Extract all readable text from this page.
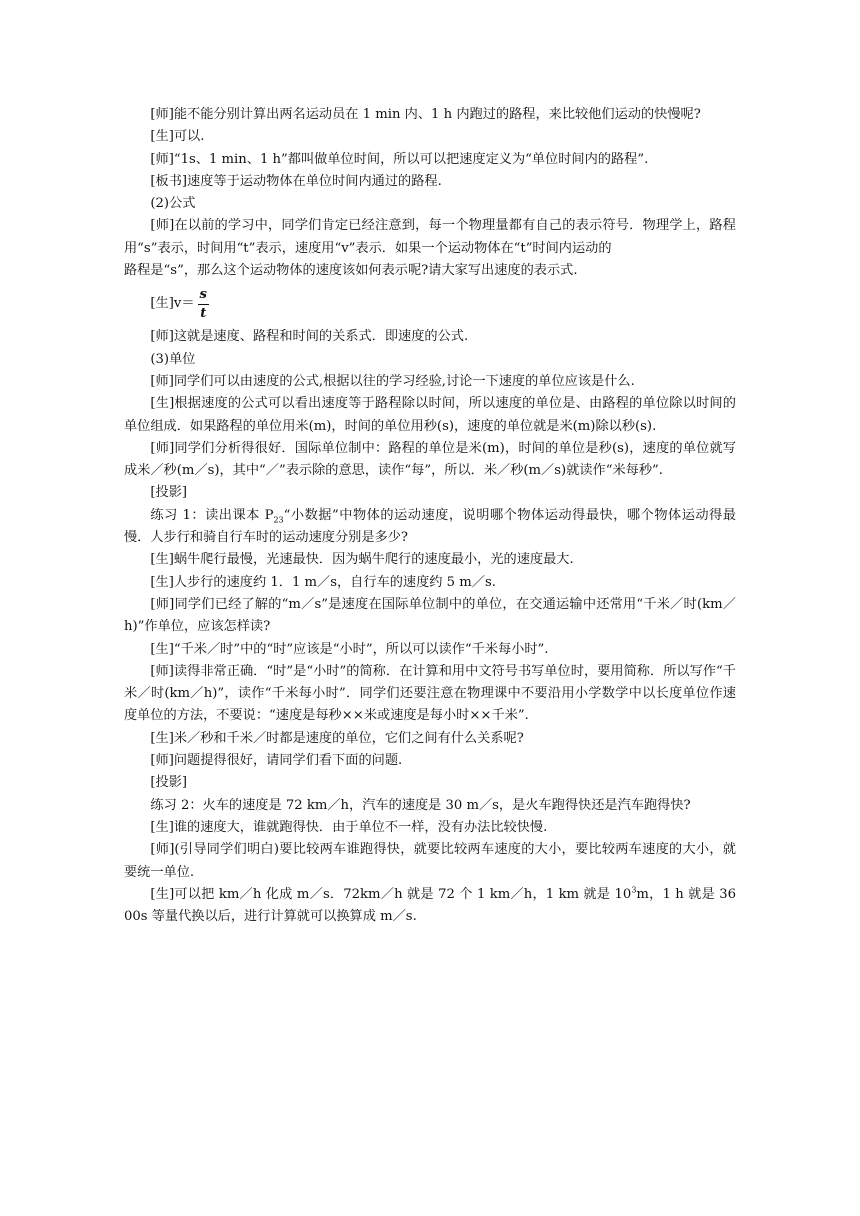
[师]能不能分别计算出两名运动员在 1 min 内、1 h 内跑过的路程，来比较他们运动的快慢呢?

[生]可以.

[师]“1s、1 min、1 h”都叫做单位时间，所以可以把速度定义为“单位时间内的路程”.

[板书]速度等于运动物体在单位时间内通过的路程.

(2)公式

[师]在以前的学习中，同学们肯定已经注意到，每一个物理量都有自己的表示符号．物理学上，路程用“s”表示，时间用“t”表示，速度用“v”表示．如果一个运动物体在“t”时间内运动的

路程是“s”，那么这个运动物体的速度该如何表示呢?请大家写出速度的表示式.

[生]$v= \frac{s}{t}$

[师]这就是速度、路程和时间的关系式．即速度的公式.

(3)单位

[师]同学们可以由速度的公式,根据以往的学习经验,讨论一下速度的单位应该是什么.

[生]根据速度的公式可以看出速度等于路程除以时间，所以速度的单位是、由路程的单位除以时间的单位组成．如果路程的单位用米(m)，时间的单位用秒(s)，速度的单位就是米(m)除以秒(s).

[师]同学们分析得很好．国际单位制中：路程的单位是米(m)，时间的单位是秒(s)，速度的单位就写成米／秒(m／s)，其中“／”表示除的意思，读作“每”，所以．米／秒(m／s)就读作“米每秒”.

[投影]

练习 1：读出课本 $P_{23}“$小数据”中物体的运动速度，说明哪个物体运动得最快，哪个物体运动得最慢．人步行和骑自行车时的运动速度分别是多少?

[生]蜗牛爬行最慢，光速最快．因为蜗牛爬行的速度最小，光的速度最大.

[生]人步行的速度约 1．1 m／s，自行车的速度约 5 m／s.

[师]同学们已经了解的“m／s”是速度在国际单位制中的单位，在交通运输中还常用“千米／时(km／h)”作单位，应该怎样读?

[生]“千米／时”中的“时”应该是“小时”，所以可以读作“千米每小时”.

[师]读得非常正确．“时”是“小时”的简称．在计算和用中文符号书写单位时，要用简称．所以写作“千米／时(km／h)”，读作“千米每小时”．同学们还要注意在物理课中不要沿用小学数学中以长度单位作速度单位的方法，不要说：“速度是每秒××米或速度是每小时××千米”.

[生]米／秒和千米／时都是速度的单位，它们之间有什么关系呢?

[师]问题提得很好，请同学们看下面的问题.

[投影]

练习 2：火车的速度是 72 km／h，汽车的速度是 30 m／s，是火车跑得快还是汽车跑得快?

[生]谁的速度大，谁就跑得快．由于单位不一样，没有办法比较快慢.

[师](引导同学们明白)要比较两车谁跑得快，就要比较两车速度的大小，要比较两车速度的大小，就要统一单位.

[生]可以把 km／h 化成 m／s．72km／h 就是 72 个 1 km／h，1 km 就是 $10^3m$，1 h 就是 3600s 等量代换以后，进行计算就可以换算成 m／s.
